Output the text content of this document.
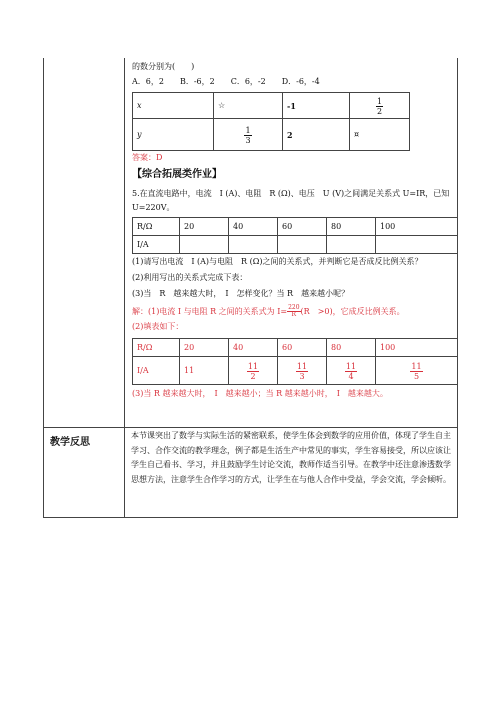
的数分别为(　　)
A．6，2　　B．-6，2　　C．6，-2　　D．-6，-4
x	☆	-1	$\frac{1}{2}$

y	$\frac{1}{3}$	2	¤
答案：D
【综合拓展类作业】
5.在直流电路中，电流　I (A)、电阻　R (Ω)、电压　U (V)之间满足关系式 U=IR，已知
U=220V。
R/Ω	20	40	60	80	100
I/A					
(1)请写出电流　I (A)与电阻　R (Ω)之间的关系式，并判断它是否成反比例关系？
(2)利用写出的关系式完成下表：
(3)当　R　越来越大时，　I　怎样变化？当 R　越来越小呢？
解：(1)电流 I 与电阻 R 之间的关系式为 $I= \frac{220}{R} (R$　>0)，它成反比例关系。
(2)填表如下：
R/Ω	20	40	60	80	100
I/A	11	$\frac{11}{2}$	$\frac{11}{3}$	$\frac{11}{4}$	$\frac{11}{5}$
(3)当 R 越来越大时，　I　越来越小；当 R 越来越小时，　I　越来越大。
教学反思
本节课突出了数学与实际生活的紧密联系，使学生体会到数学的应用价值，体现了学生自主学习、合作交流的教学理念，例子都是生活生产中常见的事实，学生容易接受，所以应该让学生自己看书、学习，并且鼓励学生讨论交流，教师作适当引导。在教学中还注意渗透数学思想方法，注意学生合作学习的方式，让学生在与他人合作中受益，学会交流，学会倾听。
